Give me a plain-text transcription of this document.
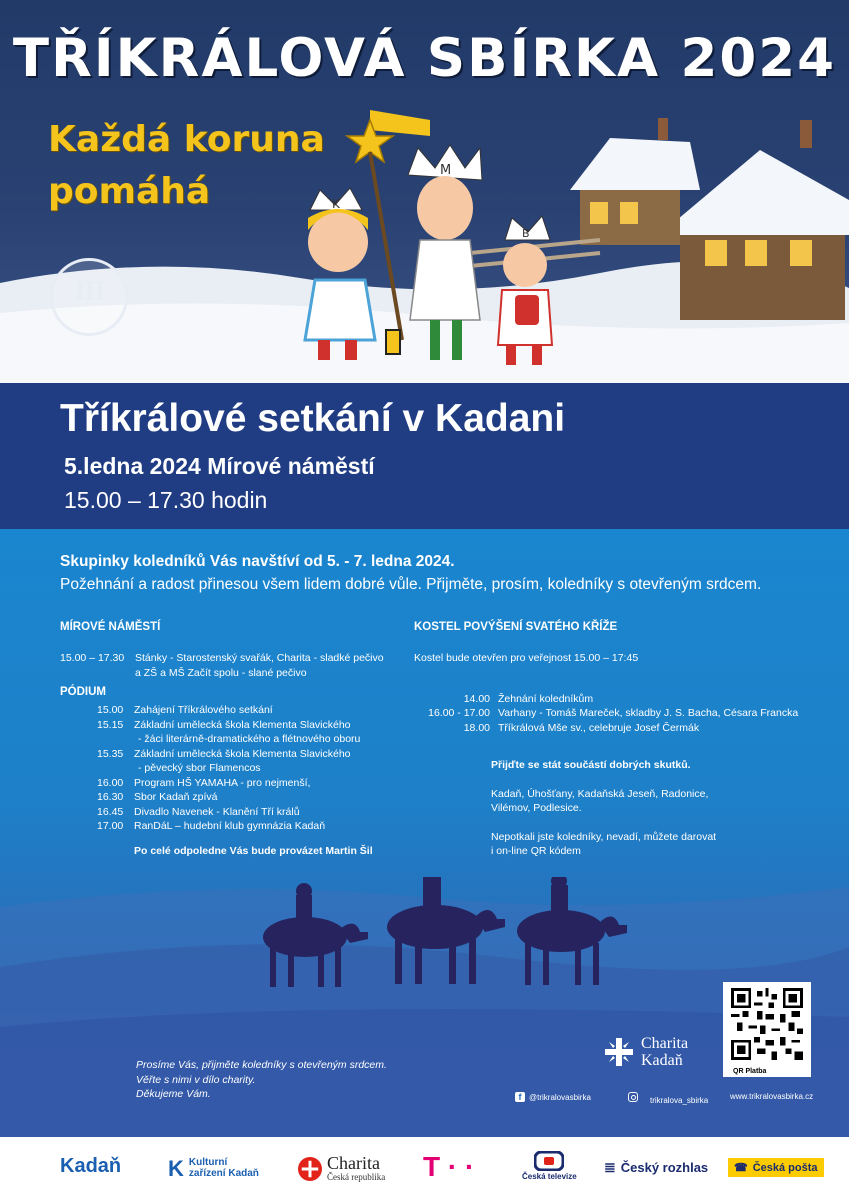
TŘÍKRÁLOVÁ SBÍRKA 2024
Každá koruna
pomáhá
III
K
M
B
Tříkrálové setkání v Kadani
5.ledna 2024 Mírové náměstí
15.00 – 17.30 hodin
Skupinky koledníků Vás navštíví od 5. - 7. ledna 2024.
Požehnání a radost přinesou všem lidem dobré vůle. Přijměte, prosím, koledníky s otevřeným srdcem.
MÍROVÉ NÁMĚSTÍ
15.00 – 17.30	Stánky - Starostenský svařák, Charita - sladké pečivo
a ZŠ a MŠ Začít spolu - slané pečivo
PÓDIUM
15.00	Zahájení Tříkrálového setkání
15.15	Základní umělecká škola Klementa Slavického
- žáci literárně-dramatického a flétnového oboru
15.35	Základní umělecká škola Klementa Slavického
- pěvecký sbor Flamencos
16.00	Program HŠ YAMAHA - pro nejmenší,
16.30	Sbor Kadaň zpívá
16.45	Divadlo Navenek - Klanění Tří králů
17.00	RanDáL – hudební klub gymnázia Kadaň
Po celé odpoledne Vás bude provázet Martin Šil
KOSTEL POVÝŠENÍ SVATÉHO KŘÍŽE
Kostel bude otevřen pro veřejnost 15.00 – 17:45
14.00 Žehnání koledníkům
16.00 - 17.00 Varhany - Tomáš Mareček, skladby J. S. Bacha, Césara Francka
18.00 Tříkrálová Mše sv., celebruje Josef Čermák
Přijďte se stát součástí dobrých skutků.
Kadaň, Úhošťany, Kadaňská Jeseň, Radonice,
Vilémov, Podlesice.
Nepotkali jste koledníky, nevadí, můžete darovat
i on-line QR kódem
QR Platba
Charita
Kadaň
Prosíme Vás, přijměte koledníky s otevřeným srdcem.
Věřte s nimi v dílo charity.
Děkujeme Vám.	f @trikralovasbirka	trikralova_sbirka	www.trikralovasbirka.cz
Kadaň K Kulturní
zařízení Kadaň
Charita
Česká republika T · ·	Česká televize
≣ Český rozhlas ☎ Česká pošta
